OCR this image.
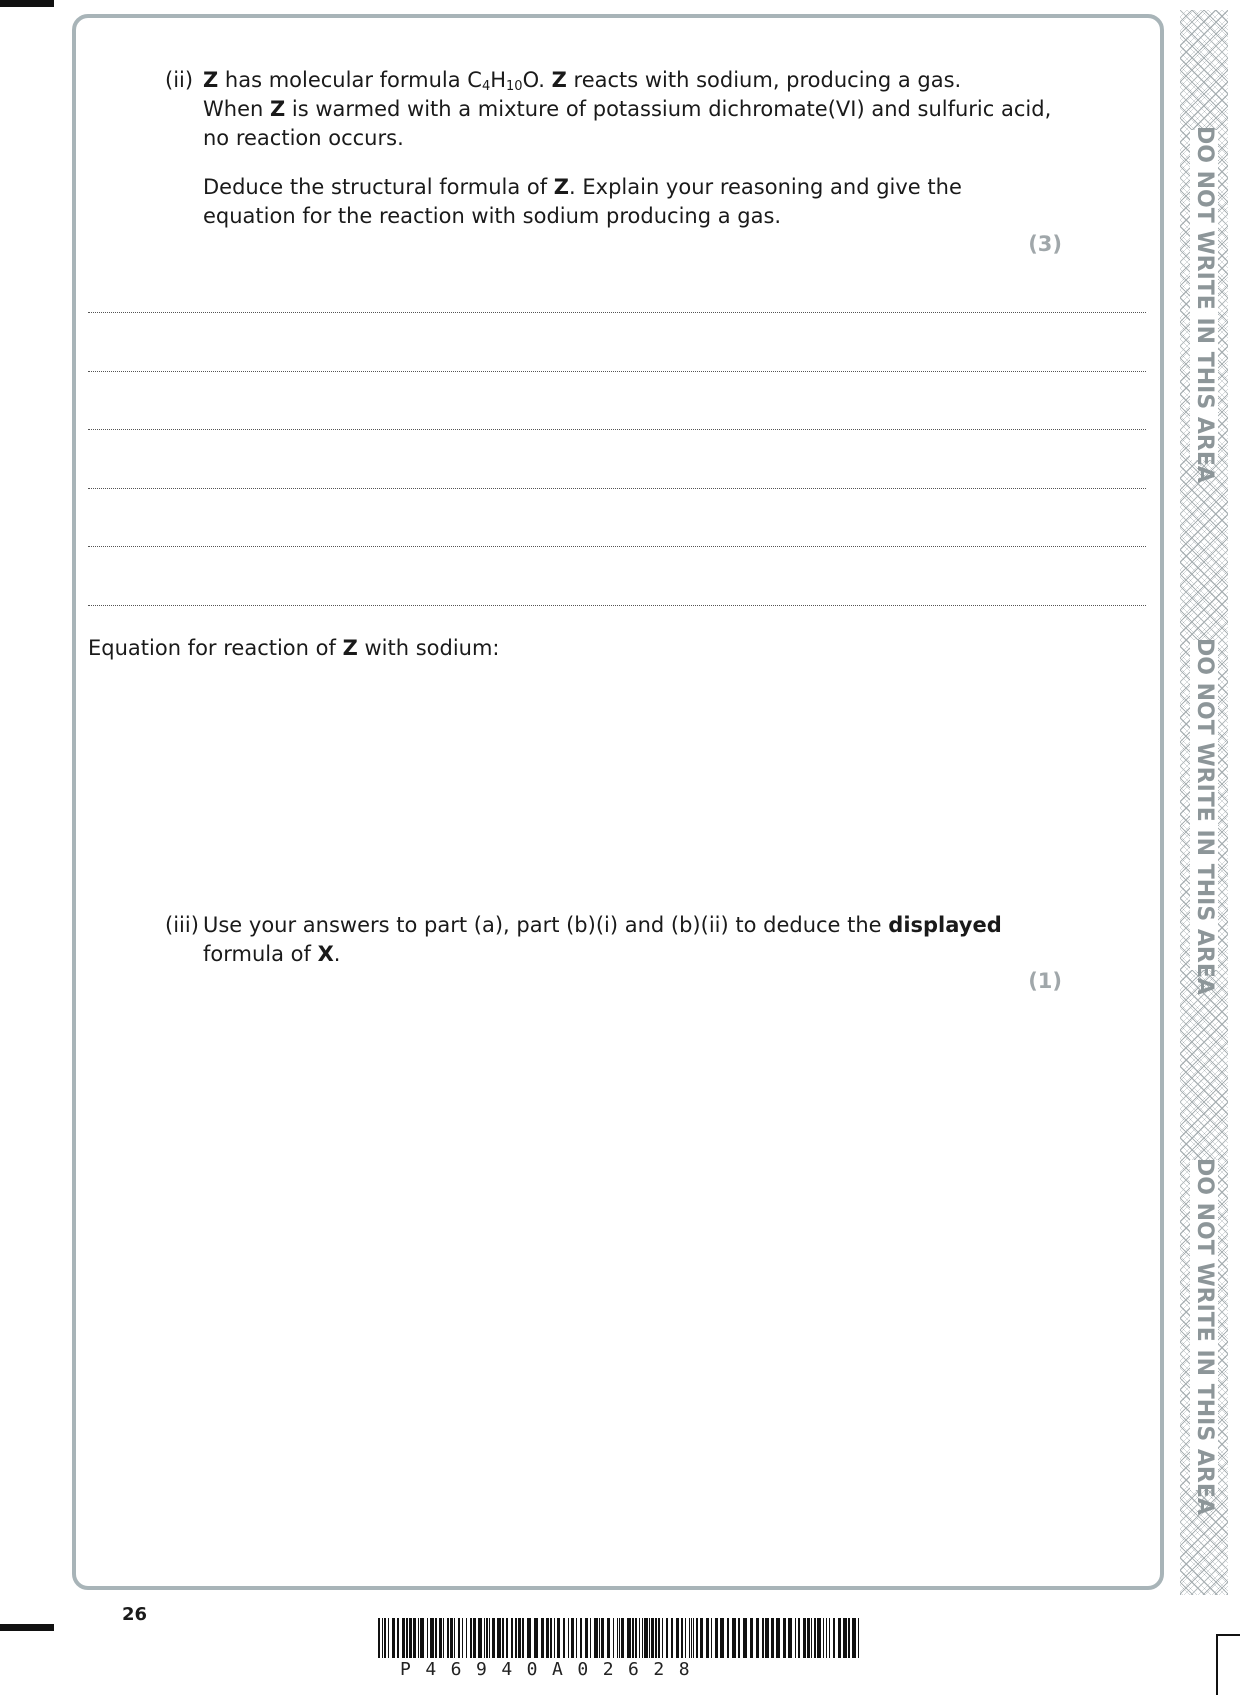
(ii) Z has molecular formula $C_4H_{10}O$. Z reacts with sodium, producing a gas.
When Z is warmed with a mixture of potassium dichromate(VI) and sulfuric acid,
no reaction occurs.
Deduce the structural formula of Z. Explain your reasoning and give the
equation for the reaction with sodium producing a gas.
(3)
Equation for reaction of Z with sodium:
(iii) Use your answers to part (a), part (b)(i) and (b)(ii) to deduce the displayed
formula of X.
(1)
DO NOT WRITE IN THIS AREA
DO NOT WRITE IN THIS AREA
DO NOT WRITE IN THIS AREA
26
P46940A02628
